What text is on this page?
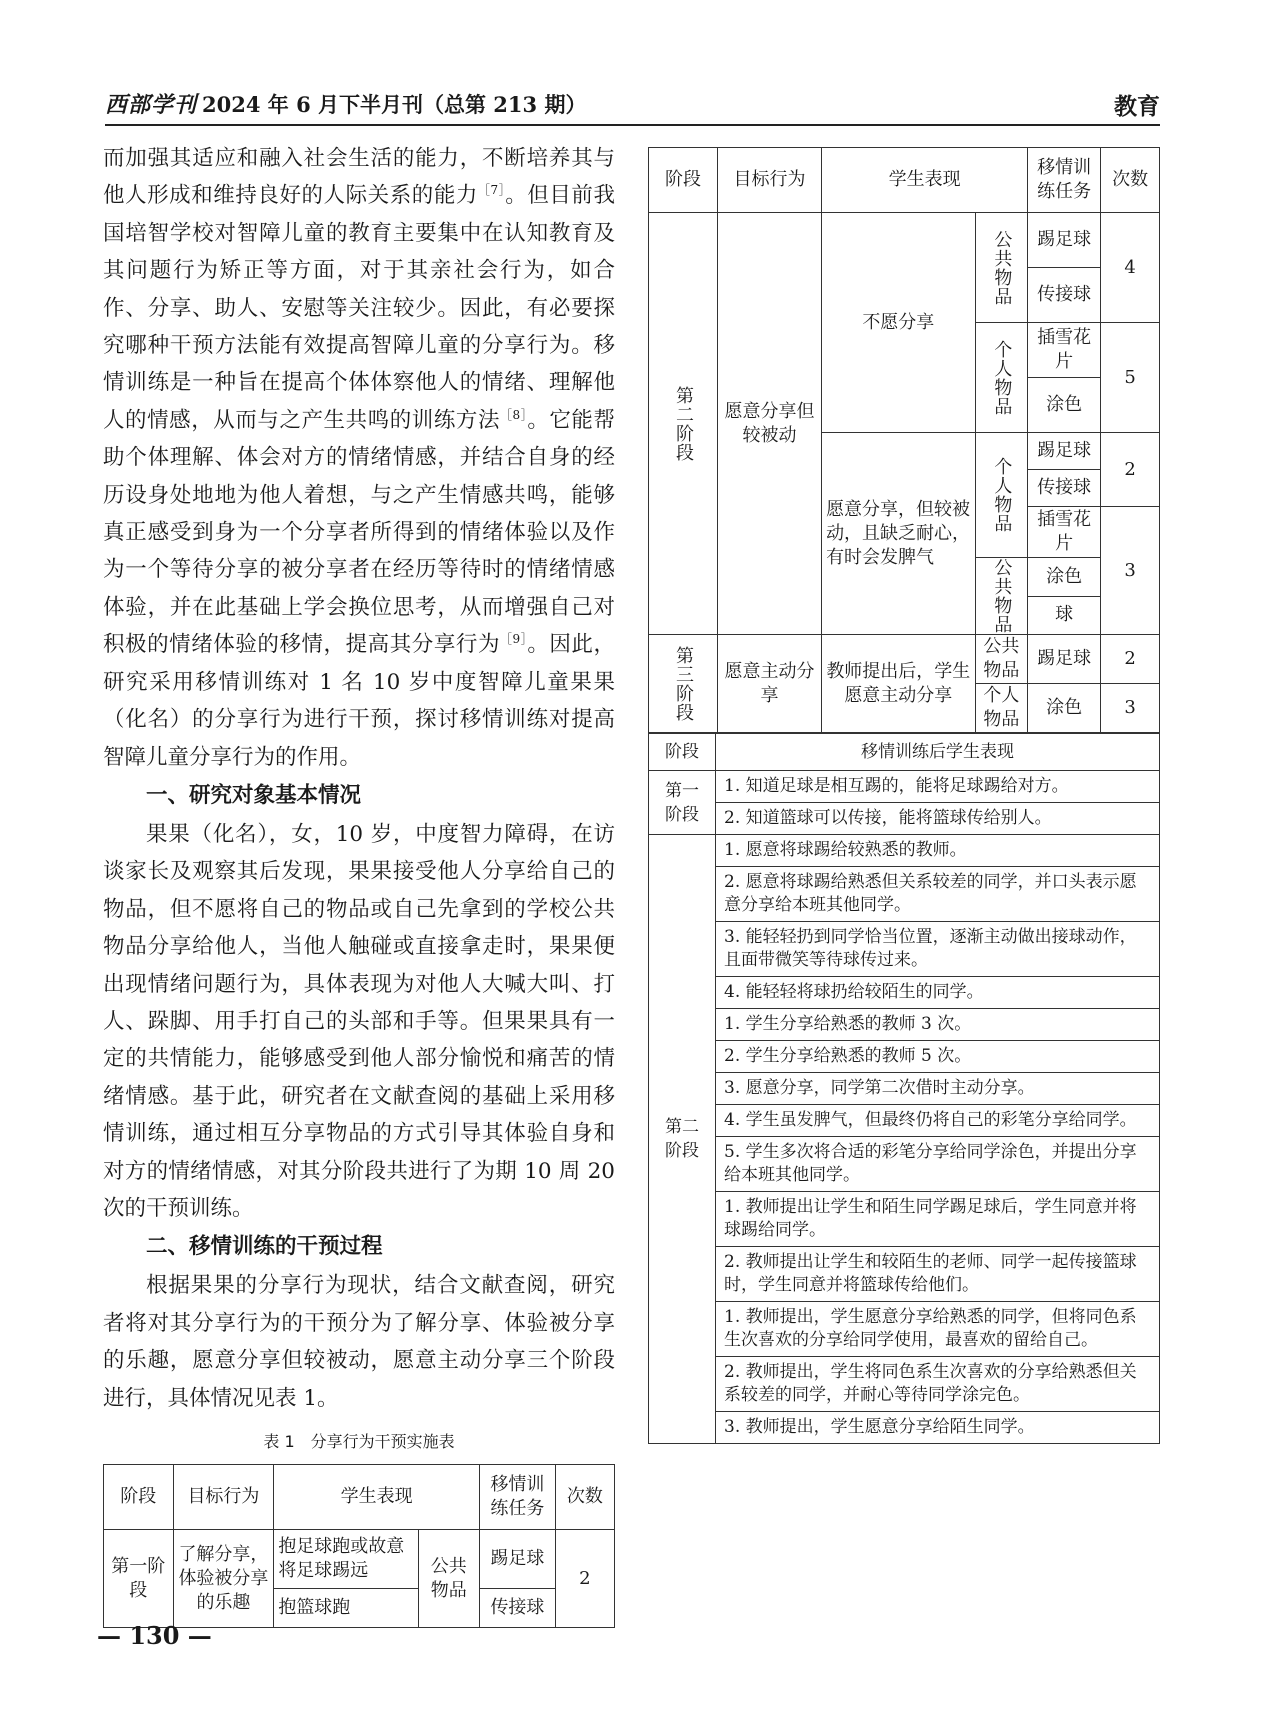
西部学刊 2024 年 6 月下半月刊（总第 213 期）	教育

而加强其适应和融入社会生活的能力，不断培养其与他人形成和维持良好的人际关系的能力$^{[7]}$。但目前我国培智学校对智障儿童的教育主要集中在认知教育及其问题行为矫正等方面，对于其亲社会行为，如合作、分享、助人、安慰等关注较少。因此，有必要探究哪种干预方法能有效提高智障儿童的分享行为。移情训练是一种旨在提高个体体察他人的情绪、理解他人的情感，从而与之产生共鸣的训练方法$^{[8]}$。它能帮助个体理解、体会对方的情绪情感，并结合自身的经历设身处地地为他人着想，与之产生情感共鸣，能够真正感受到身为一个分享者所得到的情绪体验以及作为一个等待分享的被分享者在经历等待时的情绪情感体验，并在此基础上学会换位思考，从而增强自己对积极的情绪体验的移情，提高其分享行为$^{[9]}$。因此，研究采用移情训练对 1 名 10 岁中度智障儿童果果（化名）的分享行为进行干预，探讨移情训练对提高智障儿童分享行为的作用。

一、研究对象基本情况

果果（化名），女，10 岁，中度智力障碍，在访谈家长及观察其后发现，果果接受他人分享给自己的物品，但不愿将自己的物品或自己先拿到的学校公共物品分享给他人，当他人触碰或直接拿走时，果果便出现情绪问题行为，具体表现为对他人大喊大叫、打人、跺脚、用手打自己的头部和手等。但果果具有一定的共情能力，能够感受到他人部分愉悦和痛苦的情绪情感。基于此，研究者在文献查阅的基础上采用移情训练，通过相互分享物品的方式引导其体验自身和对方的情绪情感，对其分阶段共进行了为期 10 周 20 次的干预训练。

二、移情训练的干预过程

根据果果的分享行为现状，结合文献查阅，研究者将对其分享行为的干预分为了解分享、体验被分享的乐趣，愿意分享但较被动，愿意主动分享三个阶段进行，具体情况见表 1。

表 1　分享行为干预实施表

阶段	目标行为	学生表现		移情训练任务	次数
第一阶段	了解分享，体验被分享的乐趣	抱足球跑或故意将足球踢远	公共物品	踢足球	2
		抱篮球跑		传接球	
阶段	目标行为	学生表现		移情训练任务	次数

第二阶段	愿意分享但较被动	不愿分享	公共物品	踢足球	4
				传接球	

			个人物品	插雪花片	5
				涂色	
		愿意分享，但较被动，且缺乏耐心，有时会发脾气	个人物品	踢足球	2
				传接球	
				插雪花片	3

			公共物品	涂色	
				球	

第三阶段	愿意主动分享	教师提出后，学生愿意主动分享	公共物品	踢足球	2
			个人物品	涂色	3
阶段	移情训练后学生表现

第一阶段	1. 知道足球是相互踢的，能将足球踢给对方。
	2. 知道篮球可以传接，能将篮球传给别人。

第二阶段	1. 愿意将球踢给较熟悉的教师。
	2. 愿意将球踢给熟悉但关系较差的同学，并口头表示愿意分享给本班其他同学。
	3. 能轻轻扔到同学恰当位置，逐渐主动做出接球动作，且面带微笑等待球传过来。
	4. 能轻轻将球扔给较陌生的同学。
	1. 学生分享给熟悉的教师 3 次。
	2. 学生分享给熟悉的教师 5 次。
	3. 愿意分享，同学第二次借时主动分享。
	4. 学生虽发脾气，但最终仍将自己的彩笔分享给同学。
	5. 学生多次将合适的彩笔分享给同学涂色，并提出分享给本班其他同学。
	1. 教师提出让学生和陌生同学踢足球后，学生同意并将球踢给同学。
	2. 教师提出让学生和较陌生的老师、同学一起传接篮球时，学生同意并将篮球传给他们。
	1. 教师提出，学生愿意分享给熟悉的同学，但将同色系生次喜欢的分享给同学使用，最喜欢的留给自己。
	2. 教师提出，学生将同色系生次喜欢的分享给熟悉但关系较差的同学，并耐心等待同学涂完色。
	3. 教师提出，学生愿意分享给陌生同学。
— 130 —
